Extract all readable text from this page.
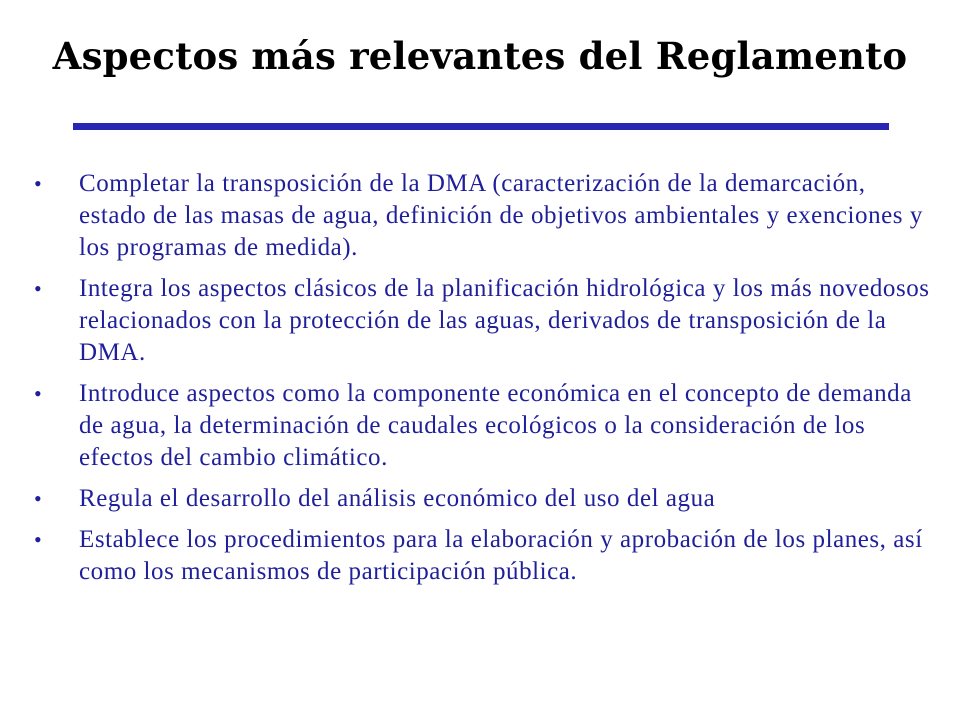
Aspectos más relevantes del Reglamento
•	Completar la transposición de la DMA (caracterización de la demarcación, estado de las masas de agua, definición de objetivos ambientales y exenciones y los programas de medida).
•	Integra los aspectos clásicos de la planificación hidrológica y los más novedosos relacionados con la protección de las aguas, derivados de transposición de la DMA.
•	Introduce aspectos como la componente económica en el concepto de demanda de agua, la determinación de caudales ecológicos o la consideración de los efectos del cambio climático.
•	Regula el desarrollo del análisis económico del uso del agua
•	Establece los procedimientos para la elaboración y aprobación de los planes, así como los mecanismos de participación pública.
